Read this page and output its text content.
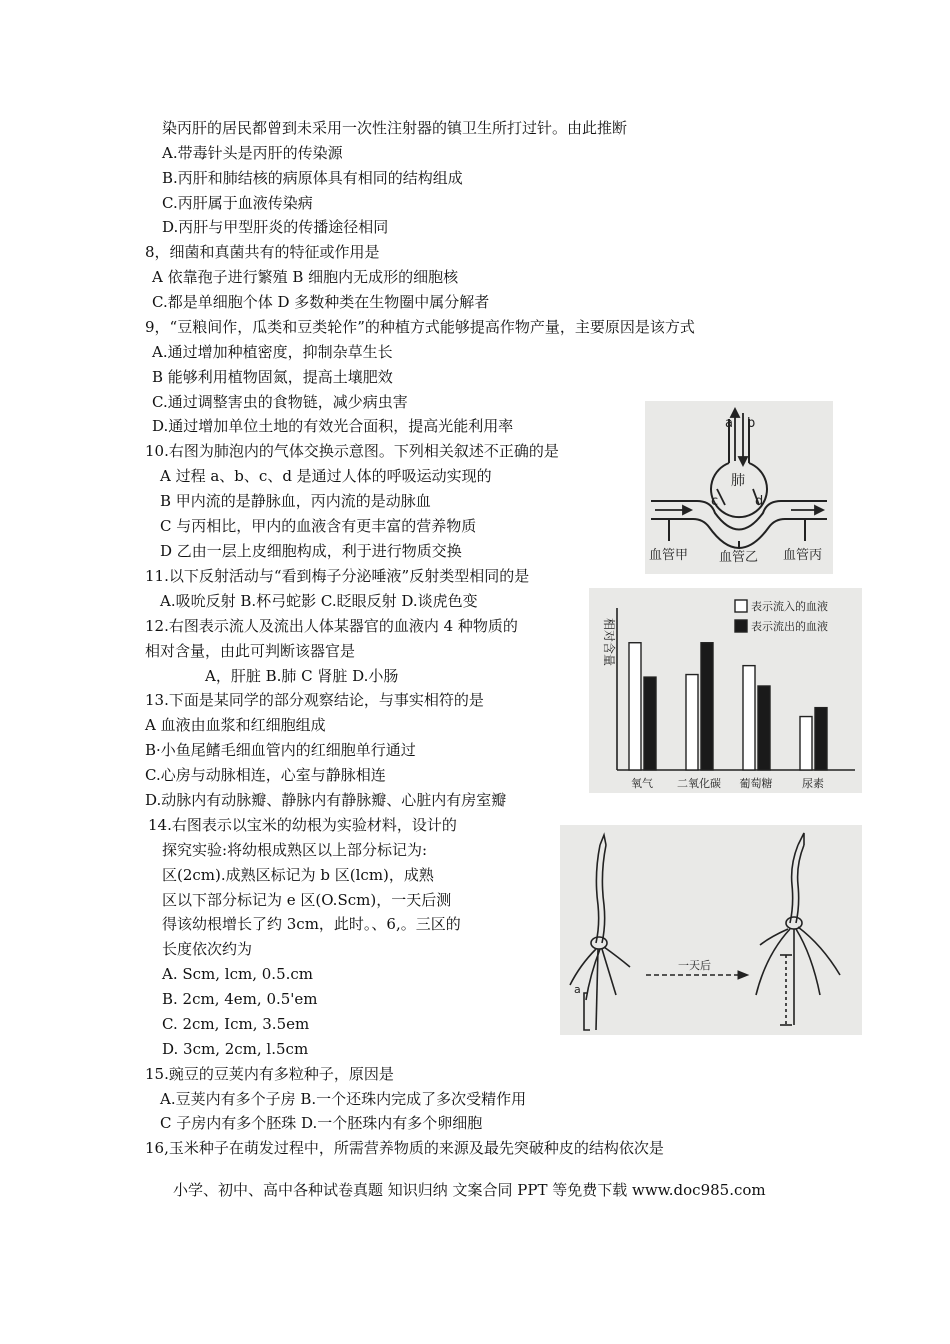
染丙肝的居民都曾到未采用一次性注射器的镇卫生所打过针。由此推断
A.带毒针头是丙肝的传染源
B.丙肝和肺结核的病原体具有相同的结构组成
C.丙肝属于血液传染病
D.丙肝与甲型肝炎的传播途径相同
8，细菌和真菌共有的特征或作用是
A 依靠孢子进行繁殖 B 细胞内无成形的细胞核
C.都是单细胞个体 D 多数种类在生物圈中属分解者
9，“豆粮间作，瓜类和豆类轮作”的种植方式能够提高作物产量，主要原因是该方式
A.通过增加种植密度，抑制杂草生长
B 能够利用植物固氮，提高土壤肥效
C.通过调整害虫的食物链，减少病虫害
D.通过增加单位土地的有效光合面积，提高光能利用率
10.右图为肺泡内的气体交换示意图。下列相关叙述不正确的是
A 过程 a、b、c、d 是通过人体的呼吸运动实现的
B 甲内流的是静脉血，丙内流的是动脉血
C 与丙相比，甲内的血液含有更丰富的营养物质
D 乙由一层上皮细胞构成，利于进行物质交换
11.以下反射活动与“看到梅子分泌唾液”反射类型相同的是
A.吸吮反射 B.杯弓蛇影 C.眨眼反射 D.谈虎色变
12.右图表示流人及流出人体某器官的血液内 4 种物质的
相对含量，由此可判断该器官是
A，肝脏 B.肺 C 肾脏 D.小肠
13.下面是某同学的部分观察结论，与事实相符的是
A 血液由血浆和红细胞组成
B·小鱼尾鳍毛细血管内的红细胞单行通过
C.心房与动脉相连，心室与静脉相连
D.动脉内有动脉瓣、静脉内有静脉瓣、心脏内有房室瓣
14.右图表示以宝米的幼根为实验材料，设计的
探究实验:将幼根成熟区以上部分标记为:
区(2cm).成熟区标记为 b 区(lcm)，成熟
区以下部分标记为 e 区(O.Scm)，一天后测
得该幼根增长了约 3cm，此时。、6,。三区的
长度依次约为
A. Scm, lcm, 0.5.cm
B. 2cm, 4em, 0.5'em
C. 2cm, Icm, 3.5em
D. 3cm, 2cm, l.5cm
15.豌豆的豆荚内有多粒种子，原因是
A.豆荚内有多个子房 B.一个还珠内完成了多次受精作用
C 子房内有多个胚珠 D.一个胚珠内有多个卵细胞
16,玉米种子在萌发过程中，所需营养物质的来源及最先突破种皮的结构依次是
小学、初中、高中各种试卷真题 知识归纳 文案合同 PPT 等免费下载 www.doc985.com
a b
c	d
肺
血管甲 血管乙 血管丙
相对含量
表示流入的血液
表示流出的血液
氧气 二氧化碳 葡萄糖	尿素
一天后
a
